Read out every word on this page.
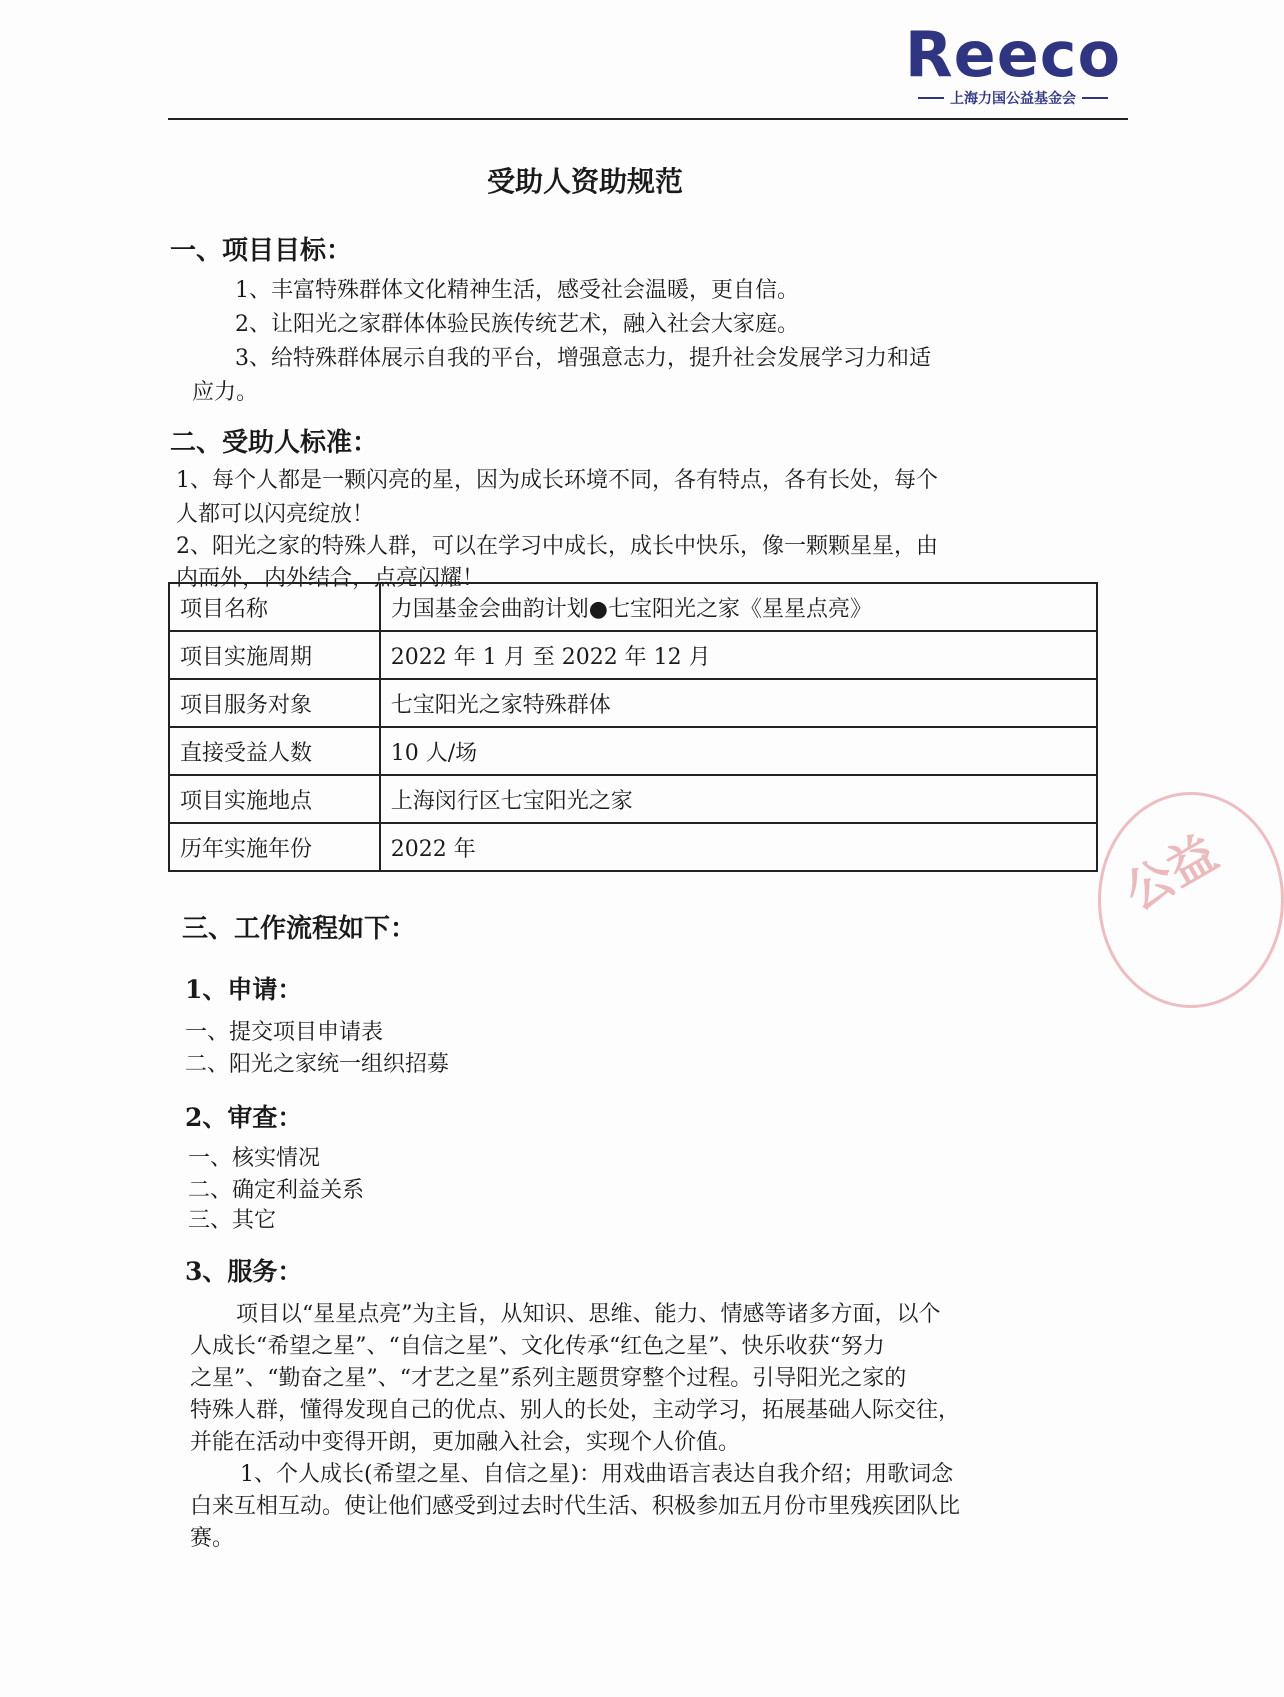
Reeco
上海力国公益基金会
受助人资助规范
一、项目目标：
1、丰富特殊群体文化精神生活，感受社会温暖，更自信。
2、让阳光之家群体体验民族传统艺术，融入社会大家庭。
3、给特殊群体展示自我的平台，增强意志力，提升社会发展学习力和适
应力。
二、受助人标准：
1、每个人都是一颗闪亮的星，因为成长环境不同，各有特点，各有长处，每个
人都可以闪亮绽放！
2、阳光之家的特殊人群，可以在学习中成长，成长中快乐，像一颗颗星星，由
内而外，内外结合，点亮闪耀！
项目名称	力国基金会曲韵计划●七宝阳光之家《星星点亮》
项目实施周期	2022 年 1 月 至 2022 年 12 月
项目服务对象	七宝阳光之家特殊群体
直接受益人数	10 人/场
项目实施地点	上海闵行区七宝阳光之家
历年实施年份	2022 年
三、工作流程如下：
1、申请：
一、提交项目申请表
二、阳光之家统一组织招募
2、审查：
一、核实情况
二、确定利益关系
三、其它
3、服务：
项目以“星星点亮”为主旨，从知识、思维、能力、情感等诸多方面，以个
人成长“希望之星”、“自信之星”、文化传承“红色之星”、快乐收获“努力
之星”、“勤奋之星”、“才艺之星”系列主题贯穿整个过程。引导阳光之家的
特殊人群，懂得发现自己的优点、别人的长处，主动学习，拓展基础人际交往，
并能在活动中变得开朗，更加融入社会，实现个人价值。
1、个人成长(希望之星、自信之星)：用戏曲语言表达自我介绍；用歌词念
白来互相互动。使让他们感受到过去时代生活、积极参加五月份市里残疾团队比
赛。
公益
